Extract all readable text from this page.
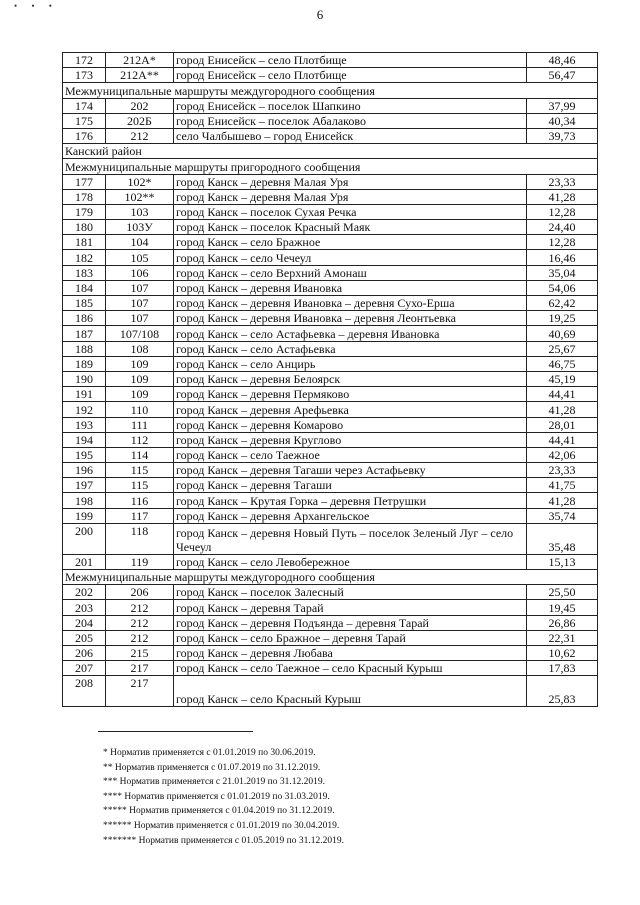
• • •
6
172	212А*	город Енисейск – село Плотбище	48,46
173	212А**	город Енисейск – село Плотбище	56,47
Межмуниципальные маршруты междугородного сообщения			
174	202	город Енисейск – поселок Шапкино	37,99
175	202Б	город Енисейск – поселок Абалаково	40,34
176	212	село Чалбышево – город Енисейск	39,73
Канский район			
Межмуниципальные маршруты пригородного сообщения			
177	102*	город Канск – деревня Малая Уря	23,33
178	102**	город Канск – деревня Малая Уря	41,28
179	103	город Канск – поселок Сухая Речка	12,28
180	103У	город Канск – поселок Красный Маяк	24,40
181	104	город Канск – село Бражное	12,28
182	105	город Канск – село Чечеул	16,46
183	106	город Канск – село Верхний Амонаш	35,04
184	107	город Канск – деревня Ивановка	54,06
185	107	город Канск – деревня Ивановка – деревня Сухо-Ерша	62,42
186	107	город Канск – деревня Ивановка – деревня Леонтьевка	19,25
187	107/108	город Канск – село Астафьевка – деревня Ивановка	40,69
188	108	город Канск – село Астафьевка	25,67
189	109	город Канск – село Анцирь	46,75
190	109	город Канск – деревня Белоярск	45,19
191	109	город Канск – деревня Пермяково	44,41
192	110	город Канск – деревня Арефьевка	41,28
193	111	город Канск – деревня Комарово	28,01
194	112	город Канск – деревня Круглово	44,41
195	114	город Канск – село Таежное	42,06
196	115	город Канск – деревня Тагаши через Астафьевку	23,33
197	115	город Канск – деревня Тагаши	41,75
198	116	город Канск – Крутая Горка – деревня Петрушки	41,28
199	117	город Канск – деревня Архангельское	35,74
200	118	город Канск – деревня Новый Путь – поселок Зеленый Луг – село Чечеул	35,48
201	119	город Канск – село Левобережное	15,13
Межмуниципальные маршруты междугородного сообщения			
202	206	город Канск – поселок Залесный	25,50
203	212	город Канск – деревня Тарай	19,45
204	212	город Канск – деревня Подъянда – деревня Тарай	26,86
205	212	город Канск – село Бражное – деревня Тарай	22,31
206	215	город Канск – деревня Любава	10,62
207	217	город Канск – село Таежное – село Красный Курыш	17,83
208	217	город Канск – село Красный Курыш	25,83
* Норматив применяется с 01.01.2019 по 30.06.2019.
** Норматив применяется с 01.07.2019 по 31.12.2019.
*** Норматив применяется с 21.01.2019 по 31.12.2019.
**** Норматив применяется с 01.01.2019 по 31.03.2019.
***** Норматив применяется с 01.04.2019 по 31.12.2019.
****** Норматив применяется с 01.01.2019 по 30.04.2019.
******* Норматив применяется с 01.05.2019 по 31.12.2019.
